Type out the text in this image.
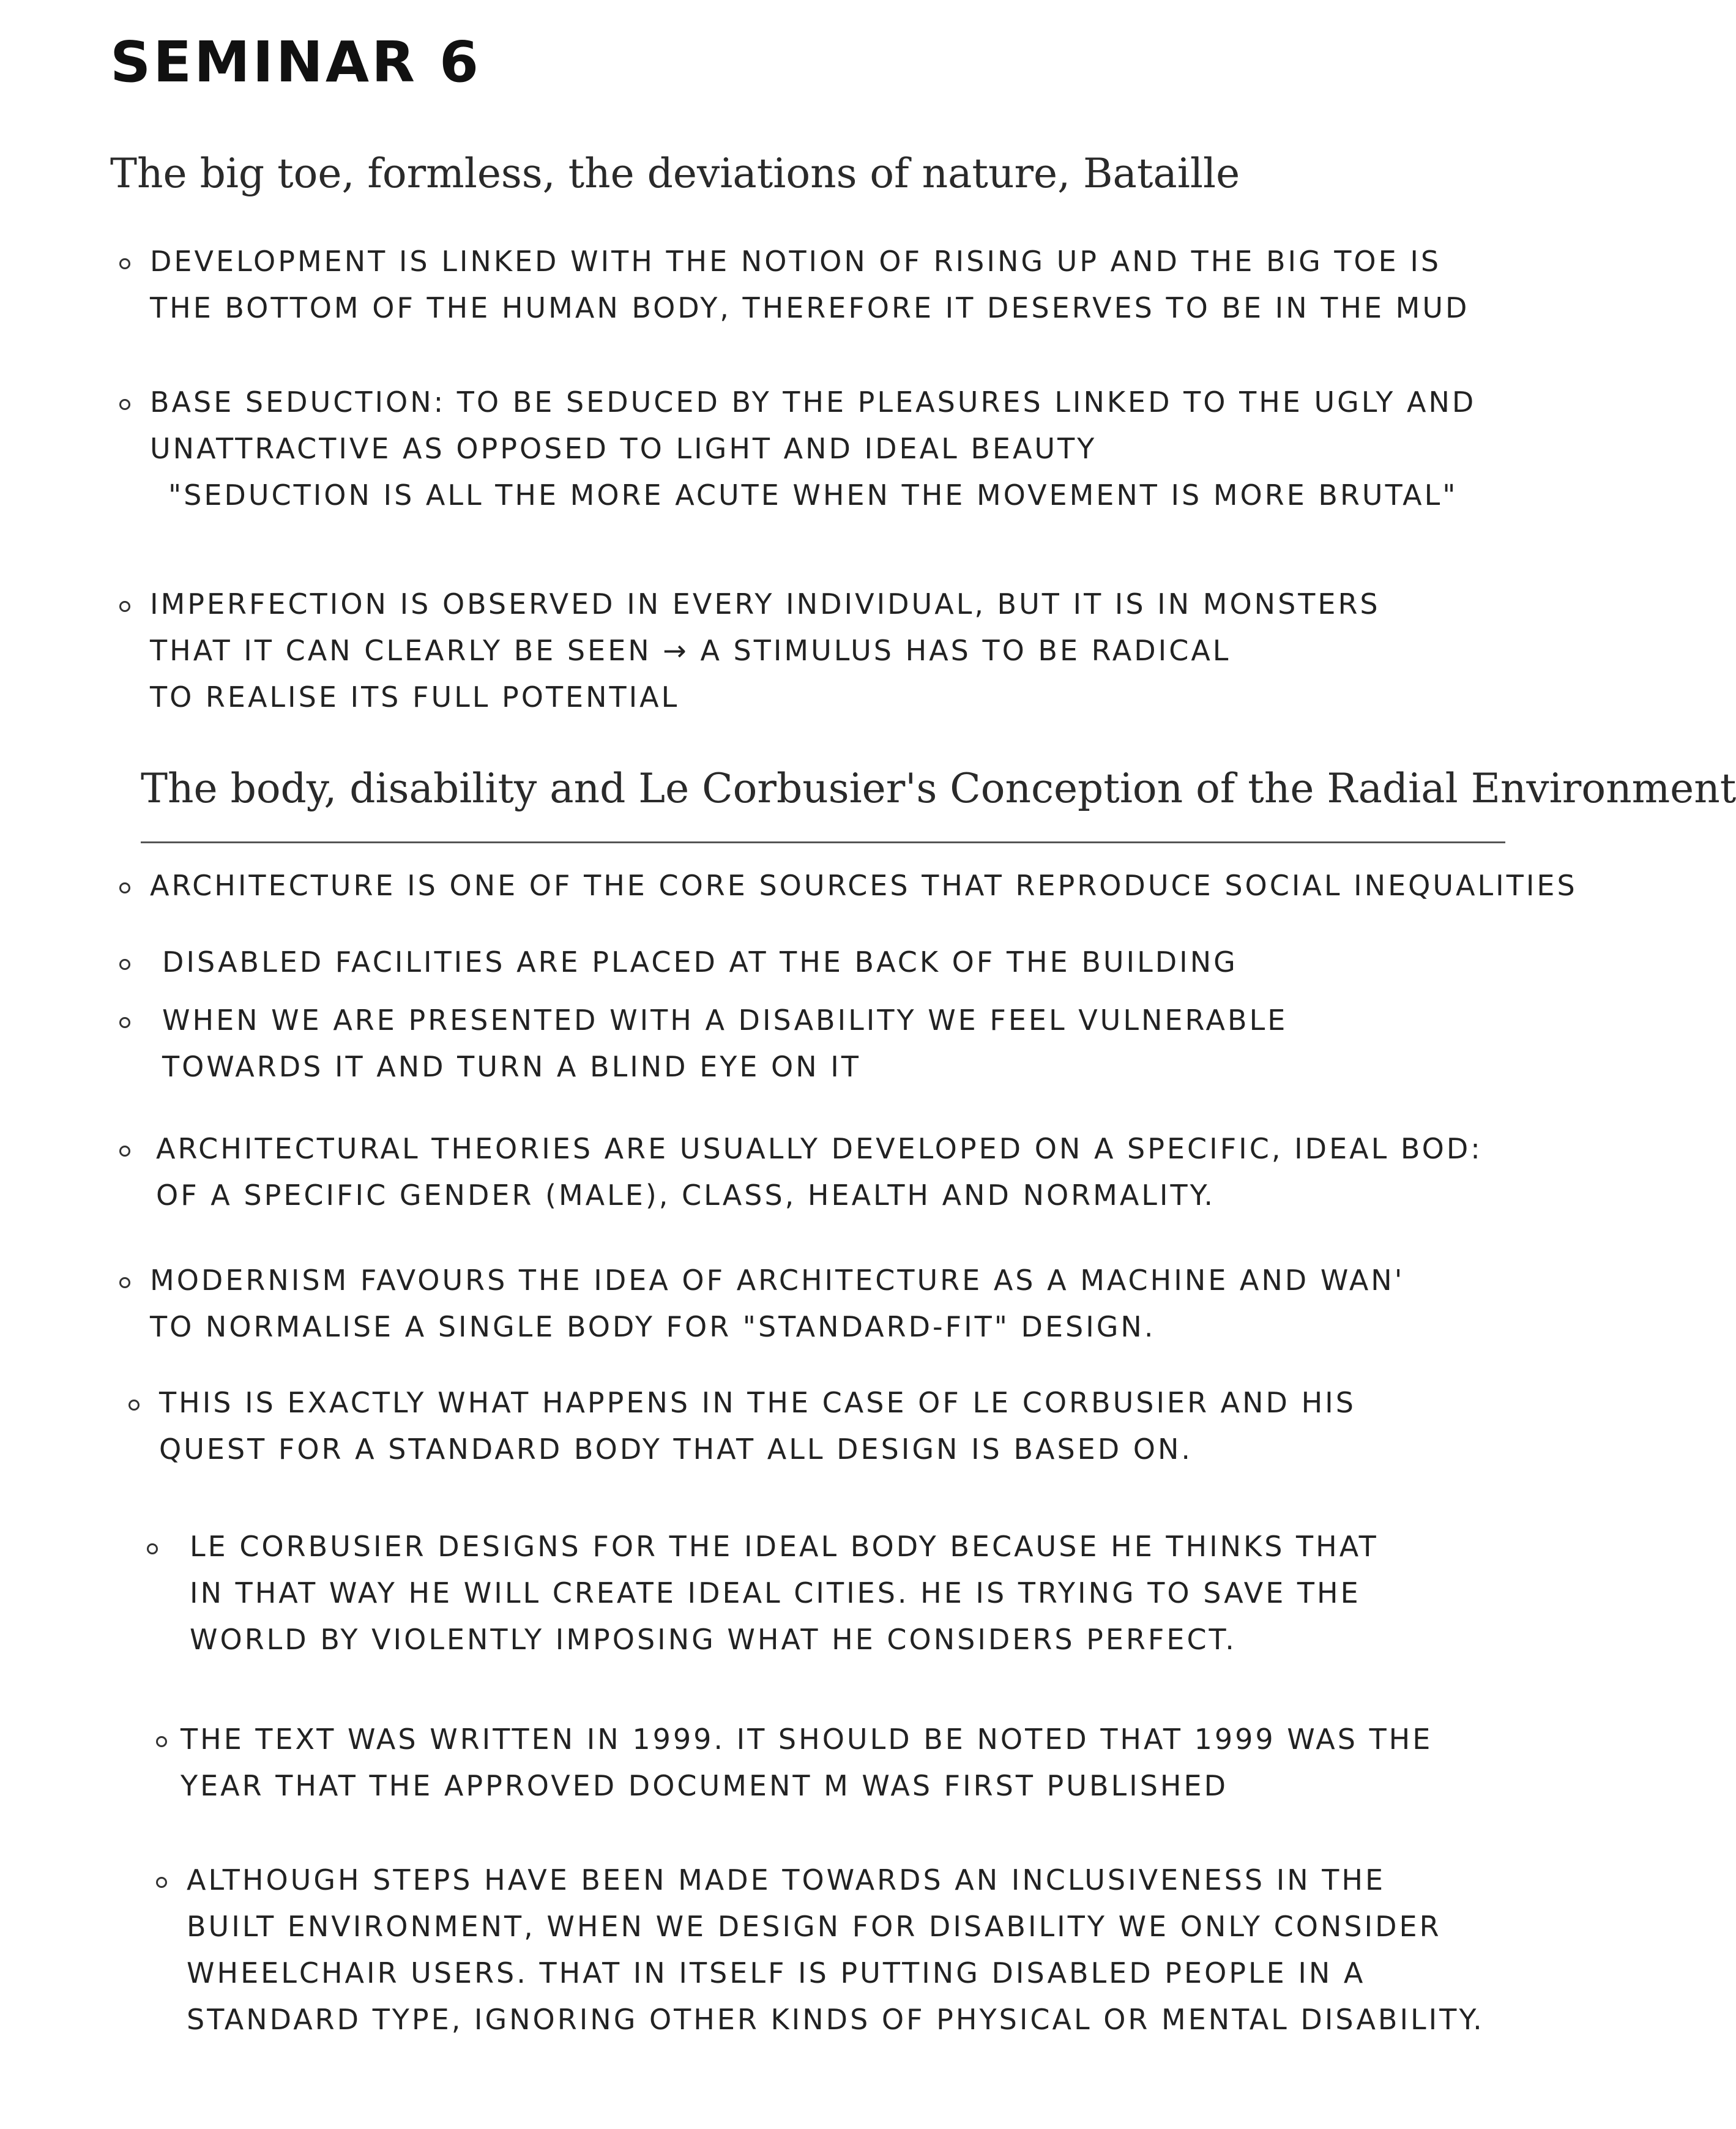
SEMINAR 6
The big toe, formless, the deviations of nature, Bataille
DEVELOPMENT IS LINKED WITH THE NOTION OF RISING UP AND THE BIG TOE IS
THE BOTTOM OF THE HUMAN BODY, THEREFORE IT DESERVES TO BE IN THE MUD
BASE SEDUCTION: TO BE SEDUCED BY THE PLEASURES LINKED TO THE UGLY AND
UNATTRACTIVE AS OPPOSED TO LIGHT AND IDEAL BEAUTY
"SEDUCTION IS ALL THE MORE ACUTE WHEN THE MOVEMENT IS MORE BRUTAL"
IMPERFECTION IS OBSERVED IN EVERY INDIVIDUAL, BUT IT IS IN MONSTERS
THAT IT CAN CLEARLY BE SEEN → A STIMULUS HAS TO BE RADICAL
TO REALISE ITS FULL POTENTIAL
The body, disability and Le Corbusier's Conception of the Radial Environment
ARCHITECTURE IS ONE OF THE CORE SOURCES THAT REPRODUCE SOCIAL INEQUALITIES
DISABLED FACILITIES ARE PLACED AT THE BACK OF THE BUILDING
WHEN WE ARE PRESENTED WITH A DISABILITY WE FEEL VULNERABLE
TOWARDS IT AND TURN A BLIND EYE ON IT
ARCHITECTURAL THEORIES ARE USUALLY DEVELOPED ON A SPECIFIC, IDEAL BOD:
OF A SPECIFIC GENDER (MALE), CLASS, HEALTH AND NORMALITY.
MODERNISM FAVOURS THE IDEA OF ARCHITECTURE AS A MACHINE AND WAN'
TO NORMALISE A SINGLE BODY FOR "STANDARD-FIT" DESIGN.
THIS IS EXACTLY WHAT HAPPENS IN THE CASE OF LE CORBUSIER AND HIS
QUEST FOR A STANDARD BODY THAT ALL DESIGN IS BASED ON.
LE CORBUSIER DESIGNS FOR THE IDEAL BODY BECAUSE HE THINKS THAT
IN THAT WAY HE WILL CREATE IDEAL CITIES. HE IS TRYING TO SAVE THE
WORLD BY VIOLENTLY IMPOSING WHAT HE CONSIDERS PERFECT.
THE TEXT WAS WRITTEN IN 1999. IT SHOULD BE NOTED THAT 1999 WAS THE
YEAR THAT THE APPROVED DOCUMENT M WAS FIRST PUBLISHED
ALTHOUGH STEPS HAVE BEEN MADE TOWARDS AN INCLUSIVENESS IN THE
BUILT ENVIRONMENT, WHEN WE DESIGN FOR DISABILITY WE ONLY CONSIDER
WHEELCHAIR USERS. THAT IN ITSELF IS PUTTING DISABLED PEOPLE IN A
STANDARD TYPE, IGNORING OTHER KINDS OF PHYSICAL OR MENTAL DISABILITY.
